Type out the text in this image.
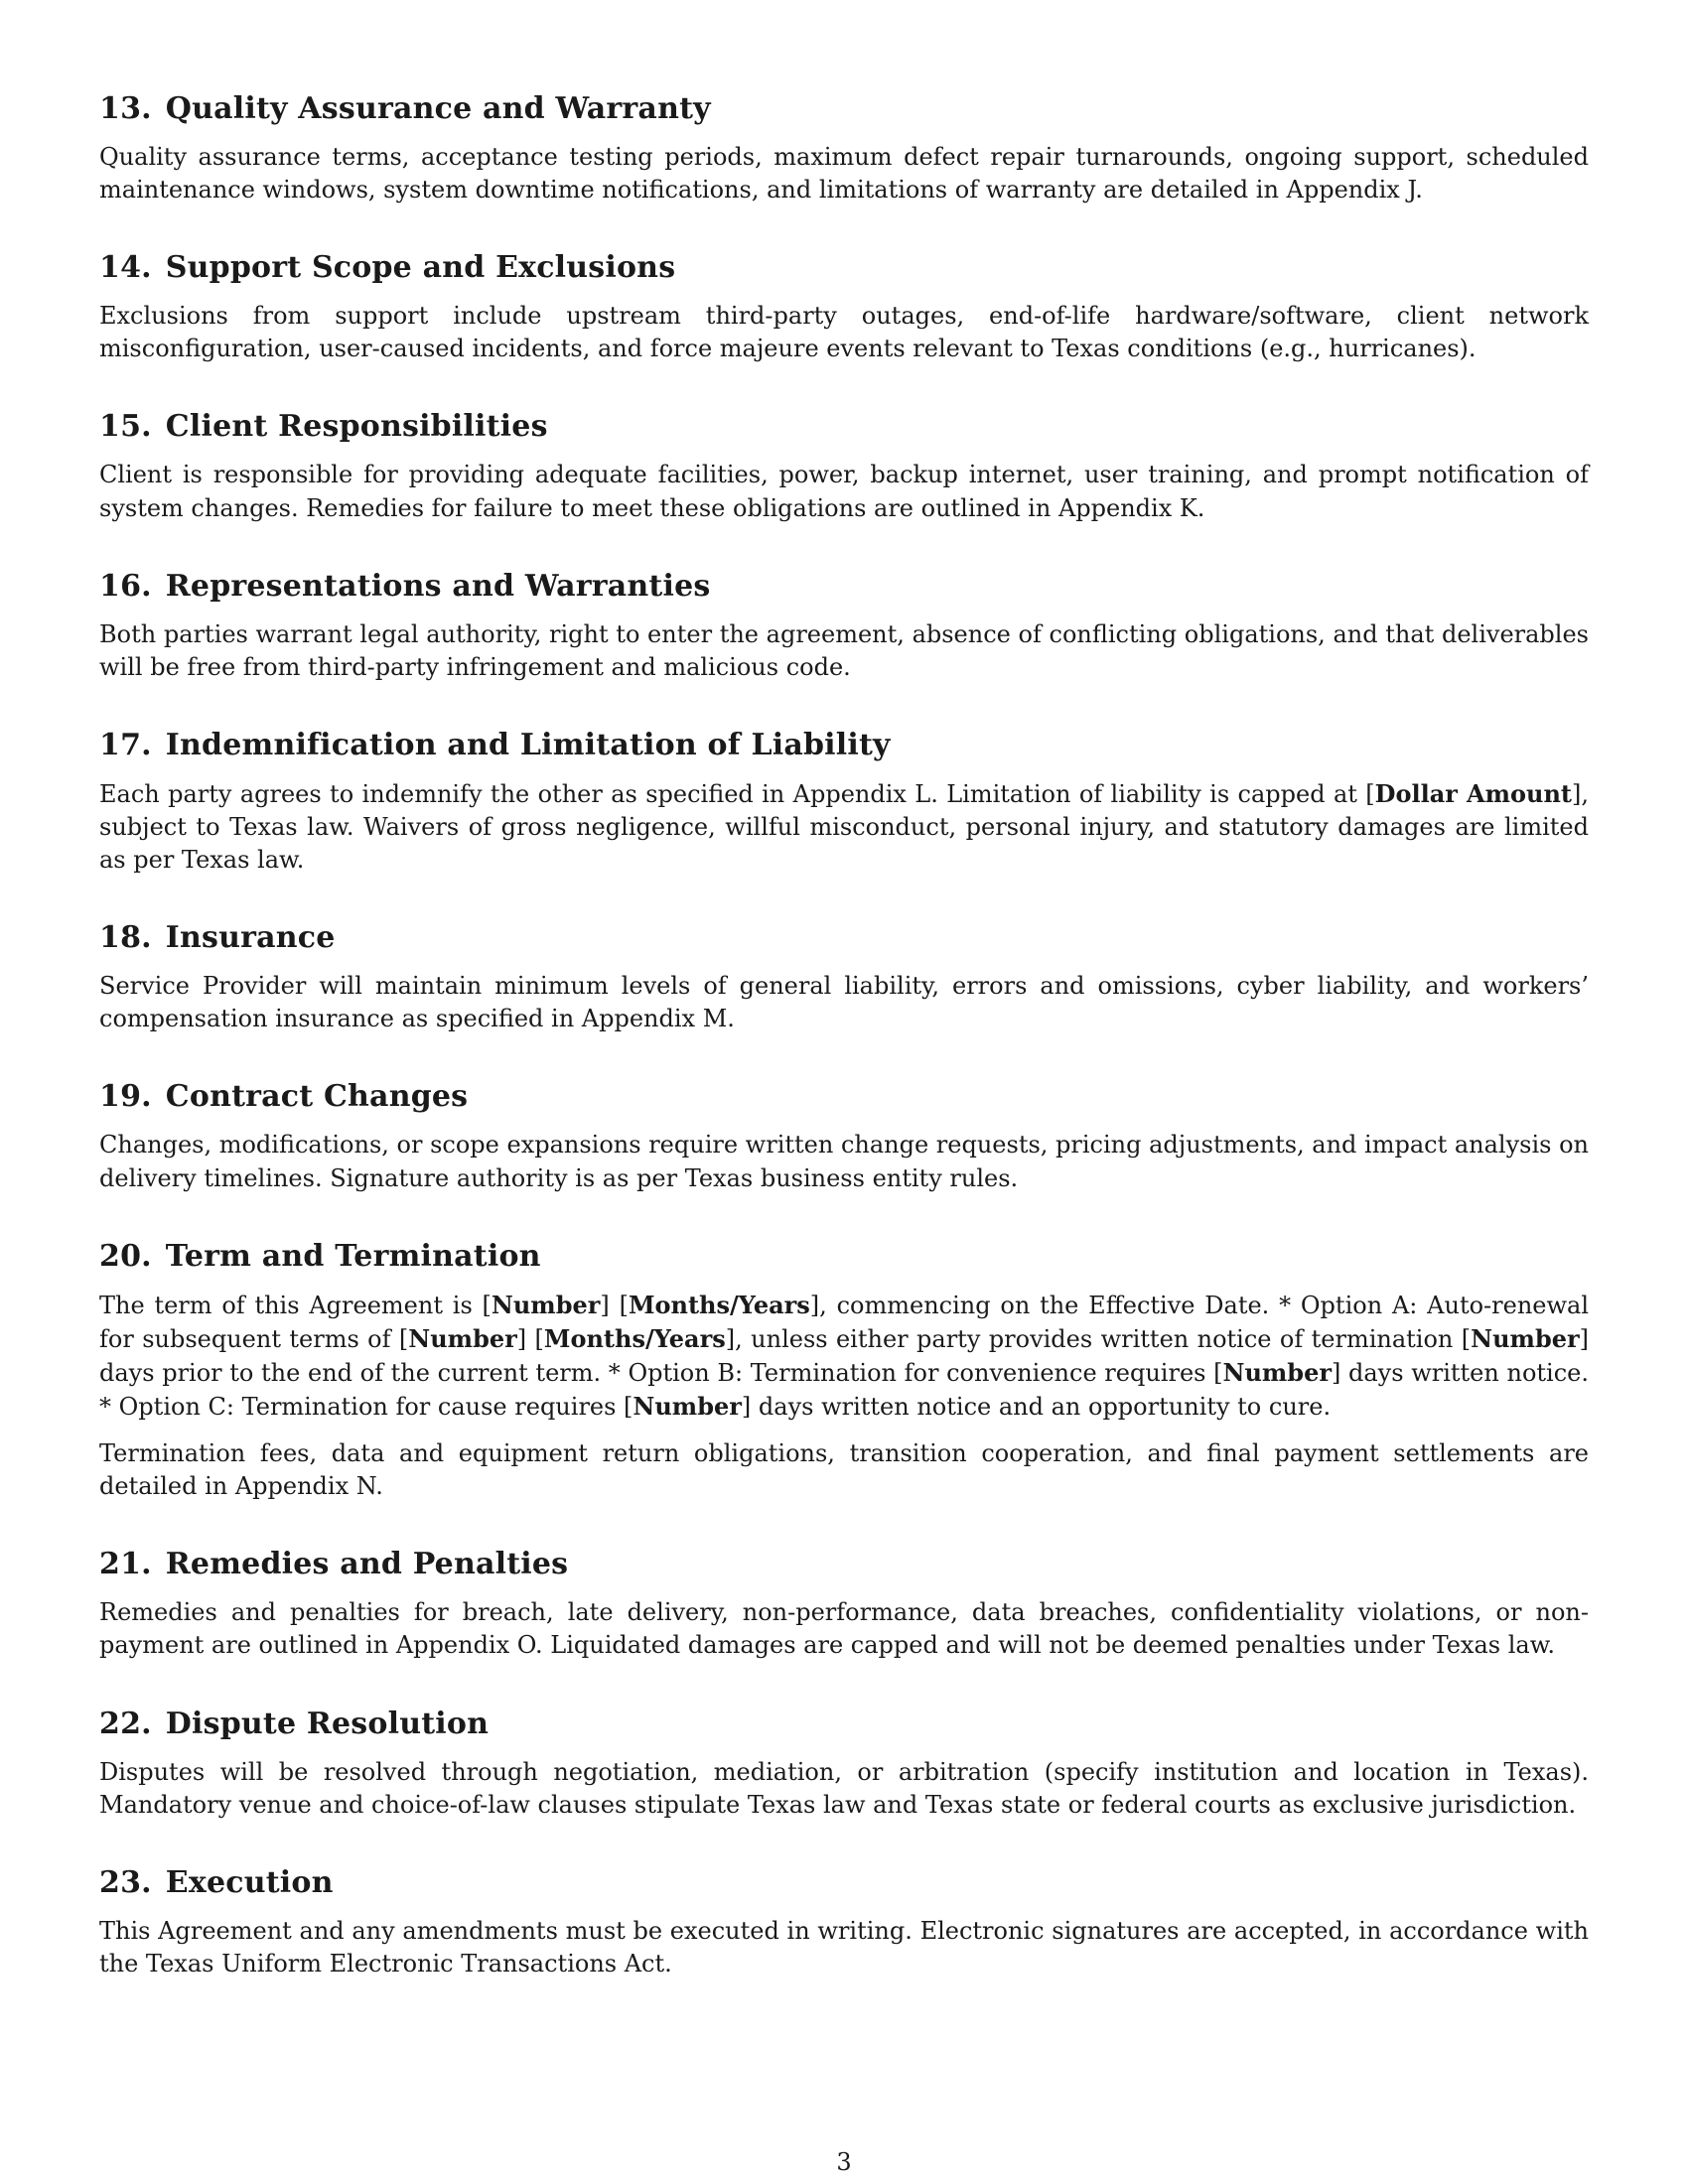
13. Quality Assurance and Warranty

Quality assurance terms, acceptance testing periods, maximum defect repair turnarounds, ongoing support, scheduled maintenance windows, system downtime notifications, and limitations of warranty are detailed in Appendix J.

14. Support Scope and Exclusions

Exclusions from support include upstream third-party outages, end-of-life hardware/software, client network misconfiguration, user-caused incidents, and force majeure events relevant to Texas conditions (e.g., hurricanes).

15. Client Responsibilities

Client is responsible for providing adequate facilities, power, backup internet, user training, and prompt notification of system changes. Remedies for failure to meet these obligations are outlined in Appendix K.

16. Representations and Warranties

Both parties warrant legal authority, right to enter the agreement, absence of conflicting obligations, and that deliverables will be free from third-party infringement and malicious code.

17. Indemnification and Limitation of Liability

Each party agrees to indemnify the other as specified in Appendix L. Limitation of liability is capped at [Dollar Amount], subject to Texas law. Waivers of gross negligence, willful misconduct, personal injury, and statutory damages are limited as per Texas law.

18. Insurance

Service Provider will maintain minimum levels of general liability, errors and omissions, cyber liability, and workers’ compensation insurance as specified in Appendix M.

19. Contract Changes

Changes, modifications, or scope expansions require written change requests, pricing adjustments, and impact analysis on delivery timelines. Signature authority is as per Texas business entity rules.

20. Term and Termination

The term of this Agreement is [Number] [Months/Years], commencing on the Effective Date. * Option A: Auto-renewal for subsequent terms of [Number] [Months/Years], unless either party provides written notice of termination [Number] days prior to the end of the current term. * Option B: Termination for convenience requires [Number] days written notice. * Option C: Termination for cause requires [Number] days written notice and an opportunity to cure.

Termination fees, data and equipment return obligations, transition cooperation, and final payment settlements are detailed in Appendix N.

21. Remedies and Penalties

Remedies and penalties for breach, late delivery, non-performance, data breaches, confidentiality violations, or non-payment are outlined in Appendix O. Liquidated damages are capped and will not be deemed penalties under Texas law.

22. Dispute Resolution

Disputes will be resolved through negotiation, mediation, or arbitration (specify institution and location in Texas). Mandatory venue and choice-of-law clauses stipulate Texas law and Texas state or federal courts as exclusive jurisdiction.

23. Execution

This Agreement and any amendments must be executed in writing. Electronic signatures are accepted, in accordance with the Texas Uniform Electronic Transactions Act.

3
